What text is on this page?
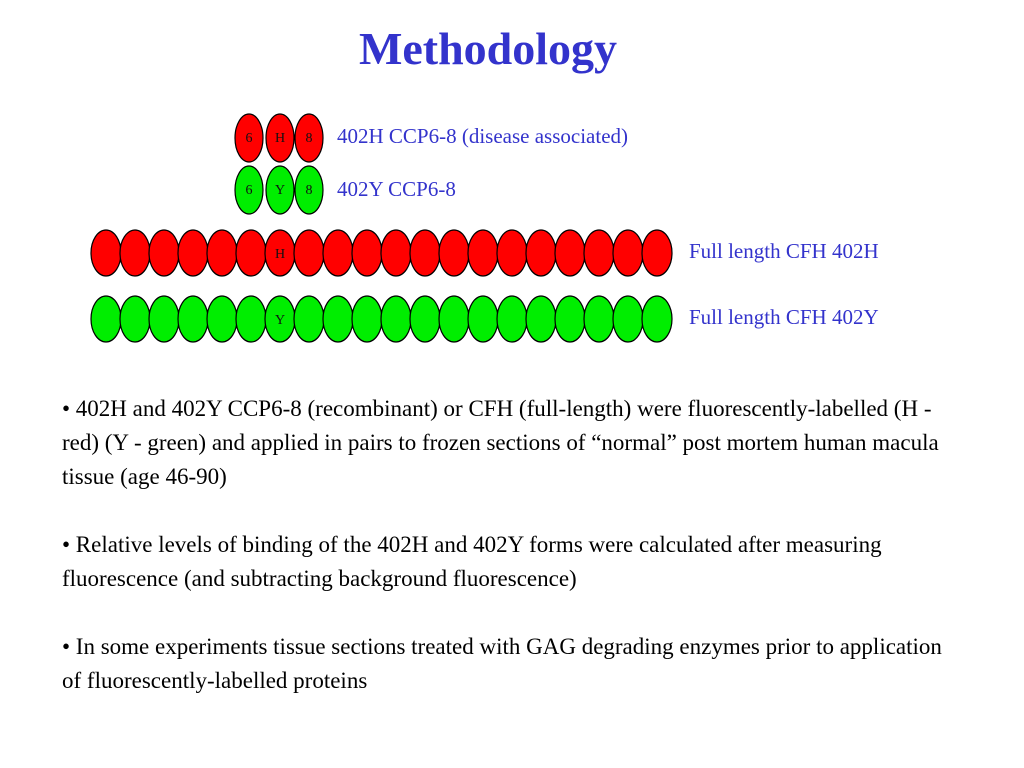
Methodology
6 H 8
6 Y 8
H
Y
402H CCP6-8 (disease associated)
402Y CCP6-8
Full length CFH 402H
Full length CFH 402Y

• 402H and 402Y CCP6-8 (recombinant) or CFH (full-length) were fluorescently-labelled (H - red) (Y - green) and applied in pairs to frozen sections of “normal” post mortem human macula tissue (age 46-90)

• Relative levels of binding of the 402H and 402Y forms were calculated after measuring fluorescence (and subtracting background fluorescence)

• In some experiments tissue sections treated with GAG degrading enzymes prior to application of fluorescently-labelled proteins
